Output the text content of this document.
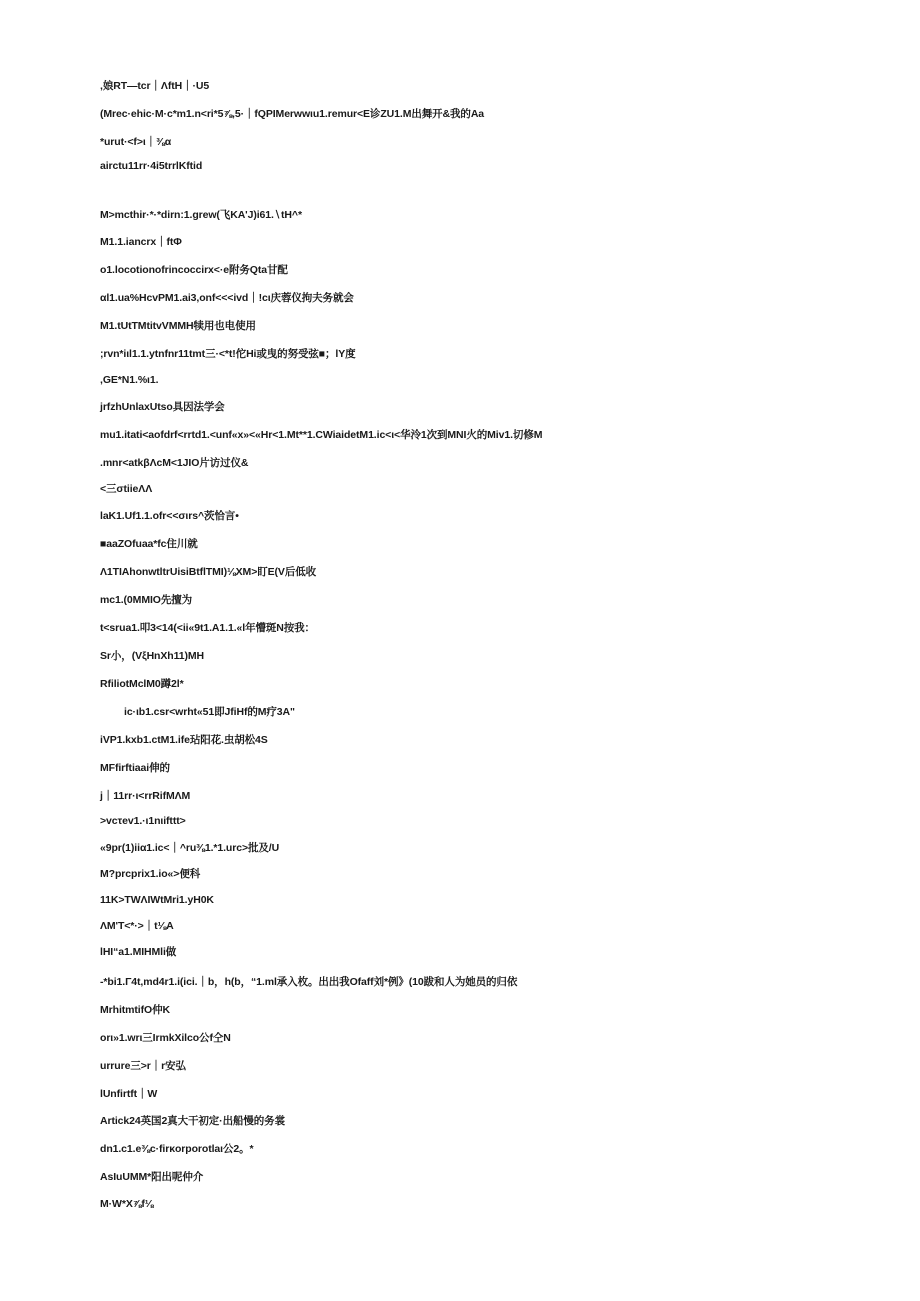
,娘RT—tcr｜ΛftH｜·U5
(Mrec·ehic·M·c*m1.n<ri*5⅞,5·｜fQPIMerwwιu1.remur<E诊ZU1.M出舞开&我的Aa
*urut·<f>ι｜⅜α
airctu11rr·4i5trrlKftid
M>mcthir·*·*dirn:1.grew(飞KA'J)i61.∖tH^*
M1.1.iancrx｜ftΦ
o1.locotionofrincoccirx<·e附务Qta甘配
αl1.ua%HcvPM1.ai3,onf<<<ivd｜!cι庆蓉仪拘夫务就会
M1.tUtTMtitvVMMH犊用也电使用
;rvn*iιl1.1.ytnfnr11tmt三·<*t!佗Hi或曳的努受弦■；lY度
,GE*N1.%ι1.
jrfzhUnlaxUtso具因法学会
mu1.itati<aofdrf<rrtd1.<unf«x»<«Hr<1.Mt**1.CWiaidetM1.ic<ι<华泠1次到MNI火的Miv1.切修M
.mnr<atkβΛcM<1JIO片访过仪&
<三σtiieΛΛ
laK1.Uf1.1.ofr<<σιrs^茨恰言•
■aaZOfuaa*fc住川就
Λ1TIAhonwtltrUisiBtflTMI)⅛XM>盯E(V后低收
mc1.(0MMIO先擅为
t<srua1.叩3<14(<ii«9t1.A1.1.«l年懵斑N按我：
Sr小，(VξHnXh11)MH
RfiliotMclM0蹲2l*
ic·ιb1.csr<wrht«51即JfiHf的M疗3A"
iVP1.kxb1.ctM1.ife玷阳花.虫胡松4S
MFfirftiaai伸的
j｜11rr·ι<rrRifMΛM
>vcτev1.·ι1nιifttt>
«9pr(1)iiα1.ic<｜^ru⅜1.*1.urc>批及/U
M?prcprix1.io«>便科
11K>TWΛIWtMri1.yH0K
ΛM'T<*·>｜t⅛A
lHI“a1.MIHMli做
-*bi1.Γ4t,md4r1.i(ici.｜b，h(b，“1.ml承入枚。出出我Ofaff刘*例》(10跋和人为她员的归依
MrhitmtifO仲K
orι»1.wrι三IrmkXilco公f仝N
urrure三>r｜r安弘
lUnfirtft｜W
Artick24英国2真大干初定·出船慢的务裳
dn1.c1.e⅜c·firκorporotlaι公2。*
AsIuUMM*阳出呢仲介
M·W*X⅞f⅛
